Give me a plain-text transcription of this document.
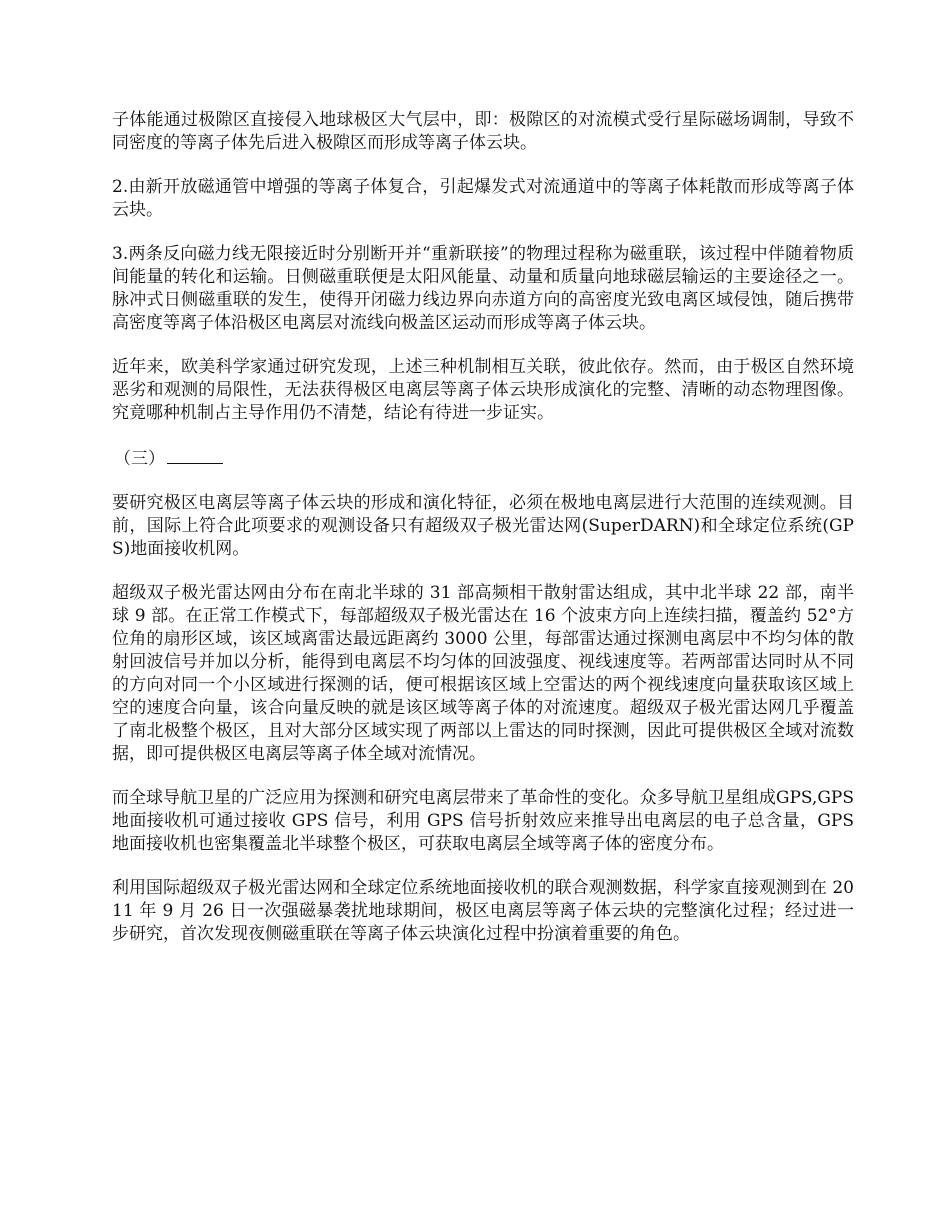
子体能通过极隙区直接侵入地球极区大气层中，即：极隙区的对流模式受行星际磁场调制，导致不同密度的等离子体先后进入极隙区而形成等离子体云块。

2.由新开放磁通管中增强的等离子体复合，引起爆发式对流通道中的等离子体耗散而形成等离子体云块。

3.两条反向磁力线无限接近时分别断开并“重新联接”的物理过程称为磁重联，该过程中伴随着物质间能量的转化和运输。日侧磁重联便是太阳风能量、动量和质量向地球磁层输运的主要途径之一。脉冲式日侧磁重联的发生，使得开闭磁力线边界向赤道方向的高密度光致电离区域侵蚀，随后携带高密度等离子体沿极区电离层对流线向极盖区运动而形成等离子体云块。

近年来，欧美科学家通过研究发现，上述三种机制相互关联，彼此依存。然而，由于极区自然环境恶劣和观测的局限性，无法获得极区电离层等离子体云块形成演化的完整、清晰的动态物理图像。究竟哪种机制占主导作用仍不清楚，结论有待进一步证实。

（三）

要研究极区电离层等离子体云块的形成和演化特征，必须在极地电离层进行大范围的连续观测。目前，国际上符合此项要求的观测设备只有超级双子极光雷达网(SuperDARN)和全球定位系统(GPS)地面接收机网。

超级双子极光雷达网由分布在南北半球的 31 部高频相干散射雷达组成，其中北半球 22 部，南半球 9 部。在正常工作模式下，每部超级双子极光雷达在 16 个波束方向上连续扫描，覆盖约 52°方位角的扇形区域，该区域离雷达最远距离约 3000 公里，每部雷达通过探测电离层中不均匀体的散射回波信号并加以分析，能得到电离层不均匀体的回波强度、视线速度等。若两部雷达同时从不同的方向对同一个小区域进行探测的话，便可根据该区域上空雷达的两个视线速度向量获取该区域上空的速度合向量，该合向量反映的就是该区域等离子体的对流速度。超级双子极光雷达网几乎覆盖了南北极整个极区，且对大部分区域实现了两部以上雷达的同时探测，因此可提供极区全域对流数据，即可提供极区电离层等离子体全域对流情况。

而全球导航卫星的广泛应用为探测和研究电离层带来了革命性的变化。众多导航卫星组成GPS,GPS 地面接收机可通过接收 GPS 信号，利用 GPS 信号折射效应来推导出电离层的电子总含量，GPS 地面接收机也密集覆盖北半球整个极区，可获取电离层全域等离子体的密度分布。

利用国际超级双子极光雷达网和全球定位系统地面接收机的联合观测数据，科学家直接观测到在 2011 年 9 月 26 日一次强磁暴袭扰地球期间，极区电离层等离子体云块的完整演化过程；经过进一步研究，首次发现夜侧磁重联在等离子体云块演化过程中扮演着重要的角色。
